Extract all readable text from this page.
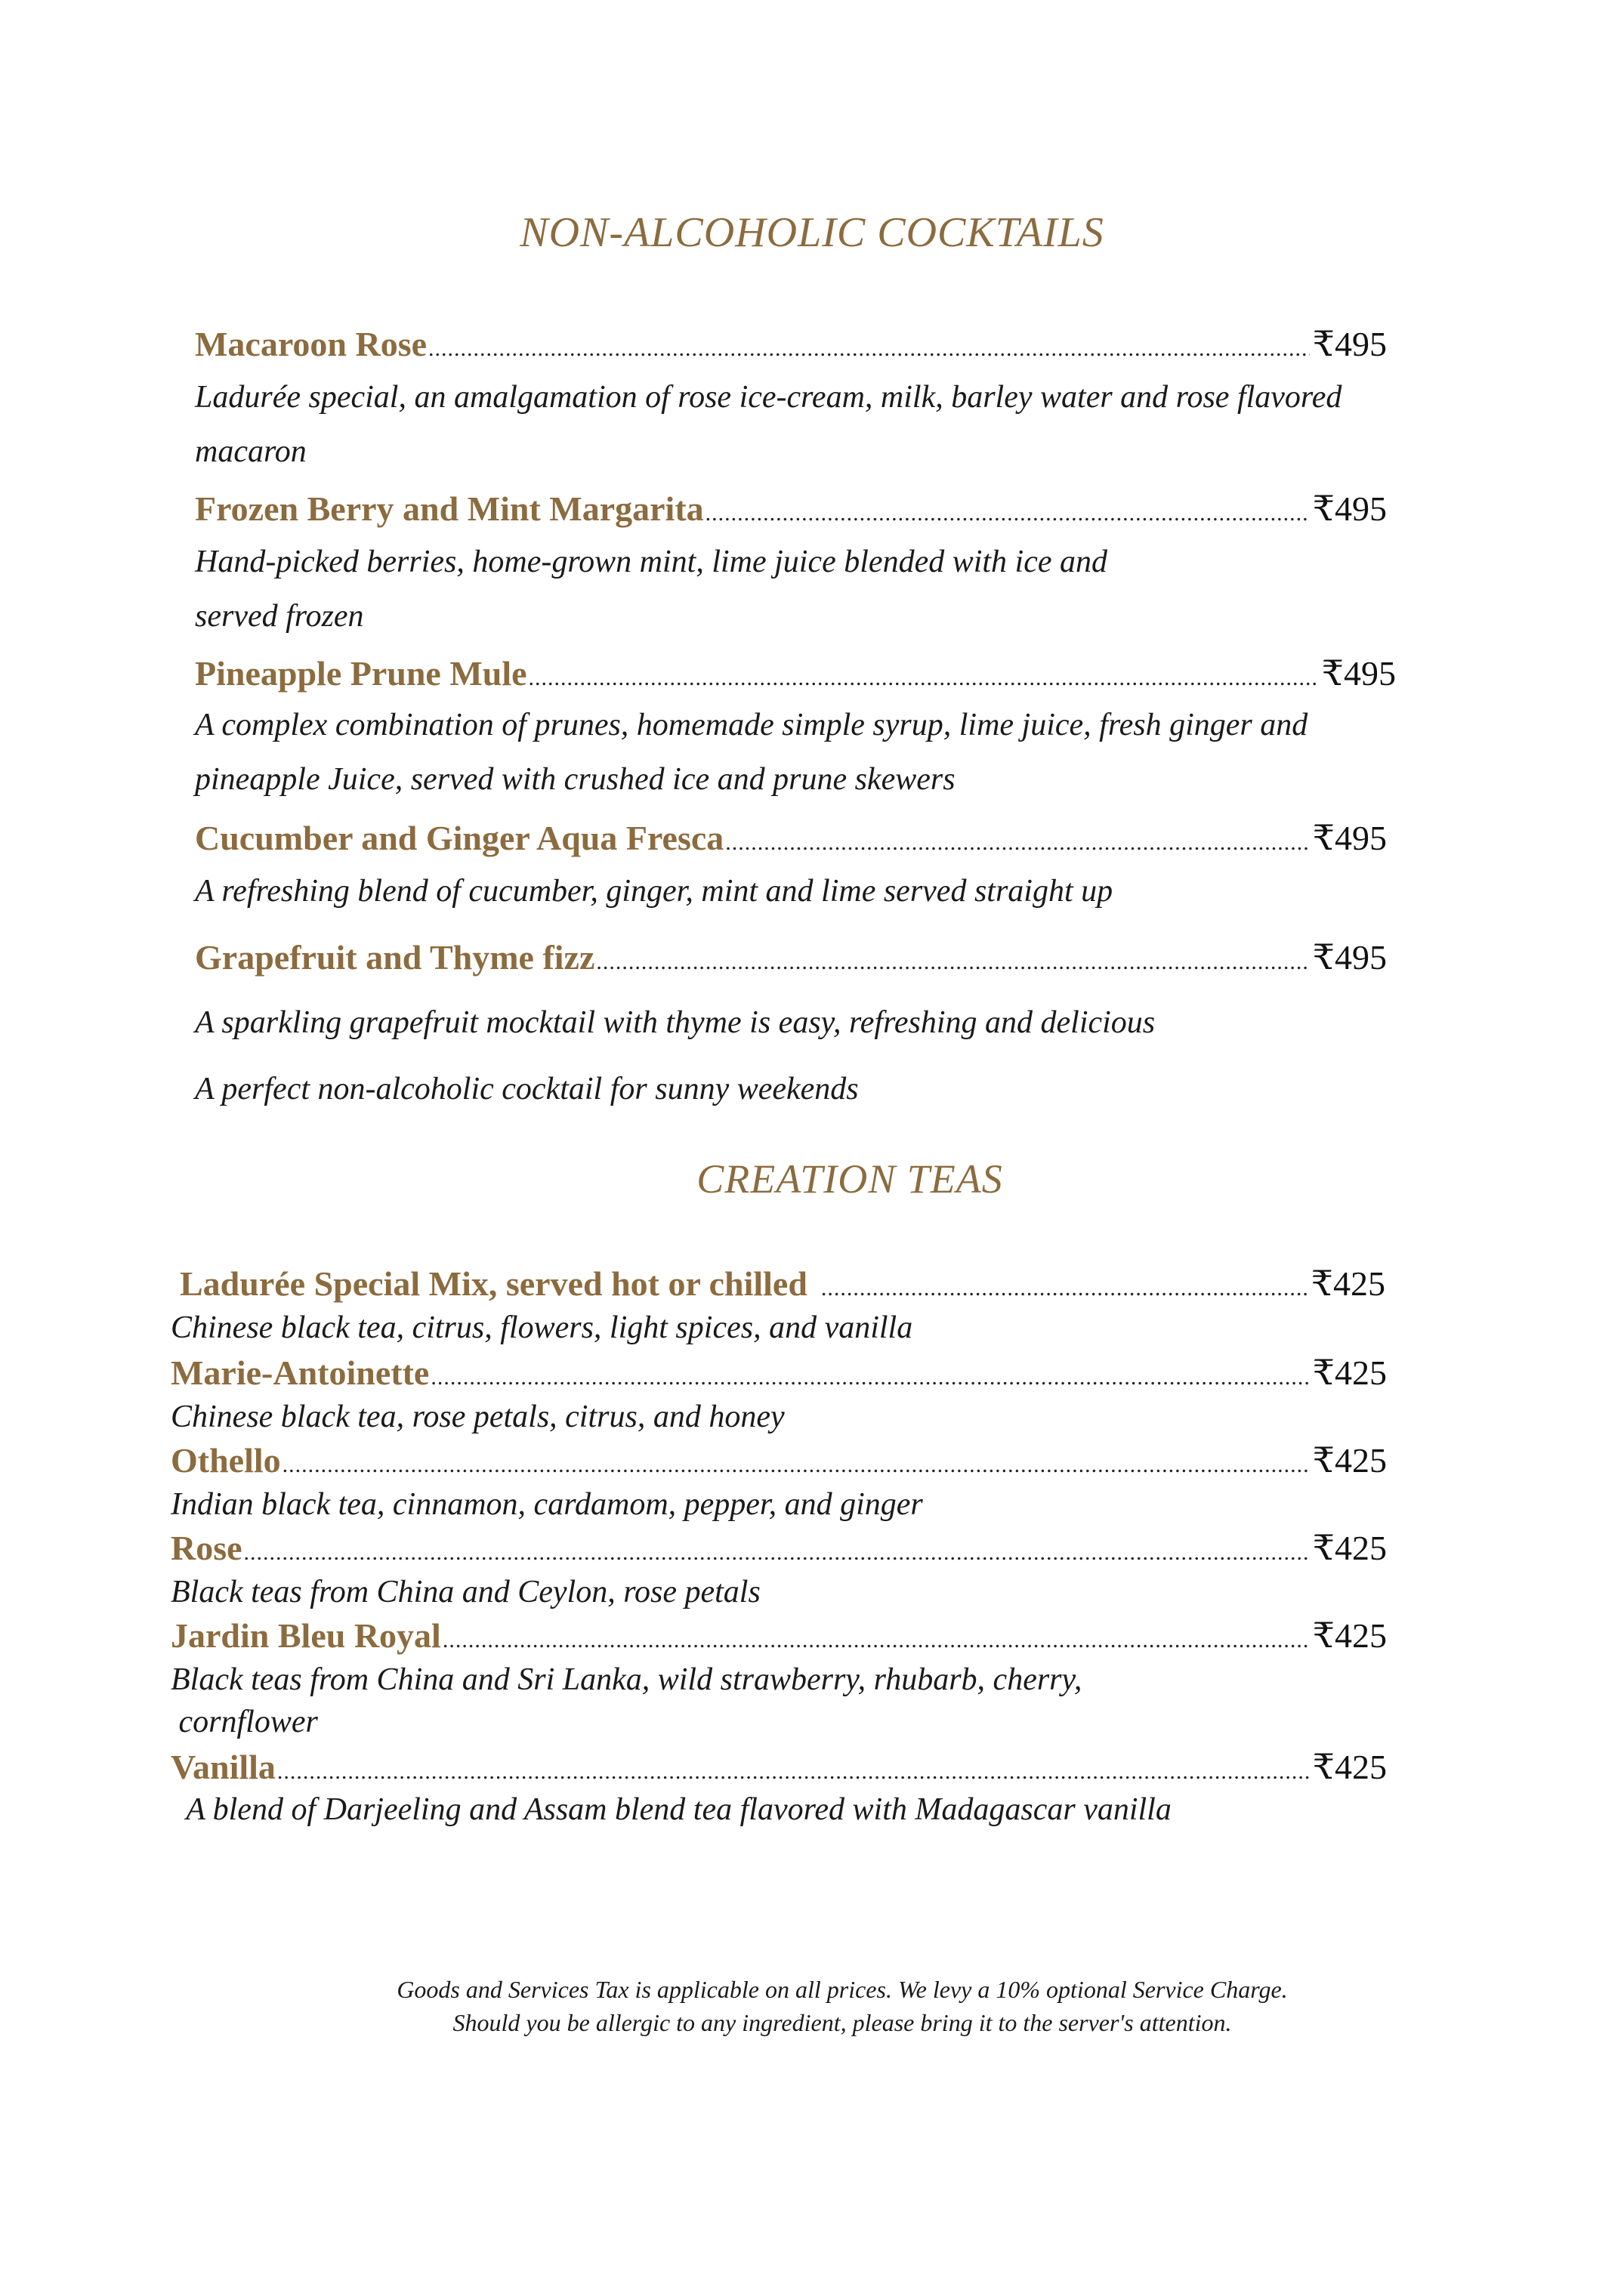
NON-ALCOHOLIC COCKTAILS
Macaroon Rose .....	₹495
Ladurée special, an amalgamation of rose ice-cream, milk, barley water and rose flavored
macaron
Frozen Berry and Mint Margarita .....	₹495
Hand-picked berries, home-grown mint, lime juice blended with ice and
served frozen
Pineapple Prune Mule .....	₹495
A complex combination of prunes, homemade simple syrup, lime juice, fresh ginger and
pineapple Juice, served with crushed ice and prune skewers
Cucumber and Ginger Aqua Fresca .....	₹495
A refreshing blend of cucumber, ginger, mint and lime served straight up
Grapefruit and Thyme fizz .....	₹495
A sparkling grapefruit mocktail with thyme is easy, refreshing and delicious
A perfect non-alcoholic cocktail for sunny weekends
CREATION TEAS
Ladurée Special Mix, served hot or chilled .....	₹425
Chinese black tea, citrus, flowers, light spices, and vanilla
Marie-Antoinette .....	₹425
Chinese black tea, rose petals, citrus, and honey
Othello .....	₹425
Indian black tea, cinnamon, cardamom, pepper, and ginger
Rose .....	₹425
Black teas from China and Ceylon, rose petals
Jardin Bleu Royal .....	₹425
Black teas from China and Sri Lanka, wild strawberry, rhubarb, cherry,
cornflower
Vanilla .....	₹425
A blend of Darjeeling and Assam blend tea flavored with Madagascar vanilla
Goods and Services Tax is applicable on all prices. We levy a 10% optional Service Charge.
Should you be allergic to any ingredient, please bring it to the server's attention.
